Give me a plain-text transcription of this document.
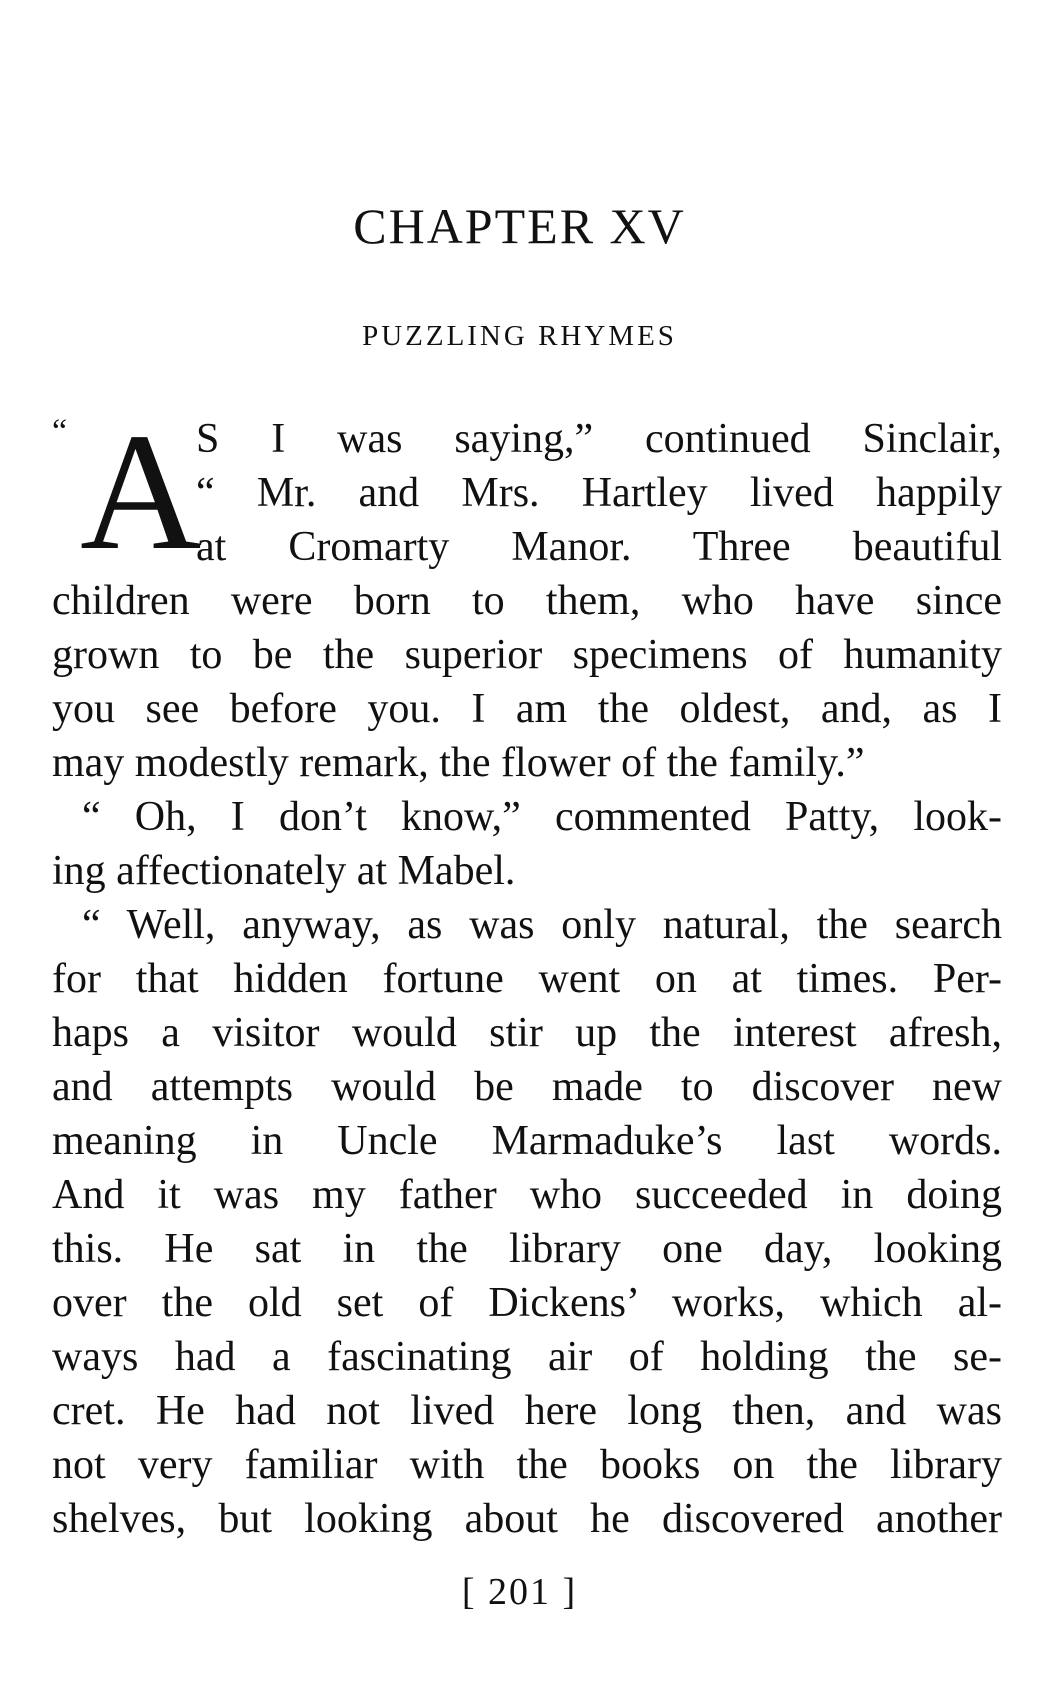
CHAPTER XV
PUZZLING RHYMES
“ A
S I was saying,” continued Sinclair,
“ Mr. and Mrs. Hartley lived happily
at Cromarty Manor. Three beautiful
children were born to them, who have since
grown to be the superior specimens of humanity
you see before you. I am the oldest, and, as I
may modestly remark, the flower of the family.”
“ Oh, I don’t know,” commented Patty, look-
ing affectionately at Mabel.
“ Well, anyway, as was only natural, the search
for that hidden fortune went on at times. Per-
haps a visitor would stir up the interest afresh,
and attempts would be made to discover new
meaning in Uncle Marmaduke’s last words.
And it was my father who succeeded in doing
this. He sat in the library one day, looking
over the old set of Dickens’ works, which al-
ways had a fascinating air of holding the se-
cret. He had not lived here long then, and was
not very familiar with the books on the library
shelves, but looking about he discovered another
[ 201 ]
